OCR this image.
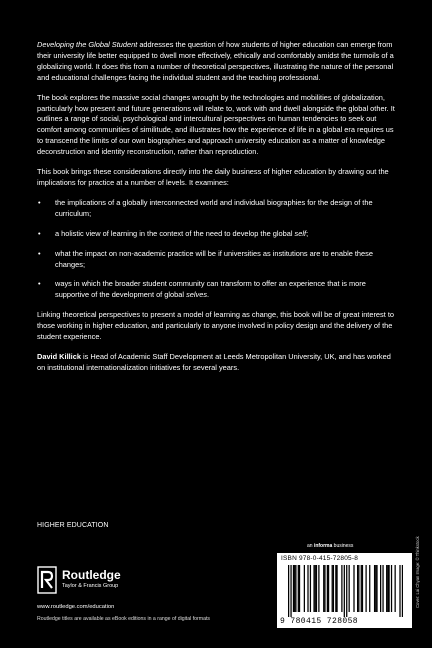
Developing the Global Student addresses the question of how students of higher education can emerge from their university life better equipped to dwell more effectively, ethically and comfortably amidst the turmoils of a globalizing world. It does this from a number of theoretical perspectives, illustrating the nature of the personal and educational challenges facing the individual student and the teaching professional.

The book explores the massive social changes wrought by the technologies and mobilities of globalization, particularly how present and future generations will relate to, work with and dwell alongside the global other. It outlines a range of social, psychological and intercultural perspectives on human tendencies to seek out comfort among communities of similitude, and illustrates how the experience of life in a global era requires us to transcend the limits of our own biographies and approach university education as a matter of knowledge deconstruction and identity reconstruction, rather than reproduction.

This book brings these considerations directly into the daily business of higher education by drawing out the implications for practice at a number of levels. It examines:

• the implications of a globally interconnected world and individual biographies for the design of the curriculum;
• a holistic view of learning in the context of the need to develop the global self;
• what the impact on non-academic practice will be if universities as institutions are to enable these changes;
• ways in which the broader student community can transform to offer an experience that is more supportive of the development of global selves.

Linking theoretical perspectives to present a model of learning as change, this book will be of great interest to those working in higher education, and particularly to anyone involved in policy design and the delivery of the student experience.

David Killick is Head of Academic Staff Development at Leeds Metropolitan University, UK, and has worked on institutional internationalization initiatives for several years.

HIGHER EDUCATION
Routledge
Taylor & Francis Group
www.routledge.com/education
Routledge titles are available as eBook editions in a range of digital formats
an informa business
ISBN 978-0-415-72805-8
9 780415 728058
Cover: Lai Chyan Image: © Thinkstock
